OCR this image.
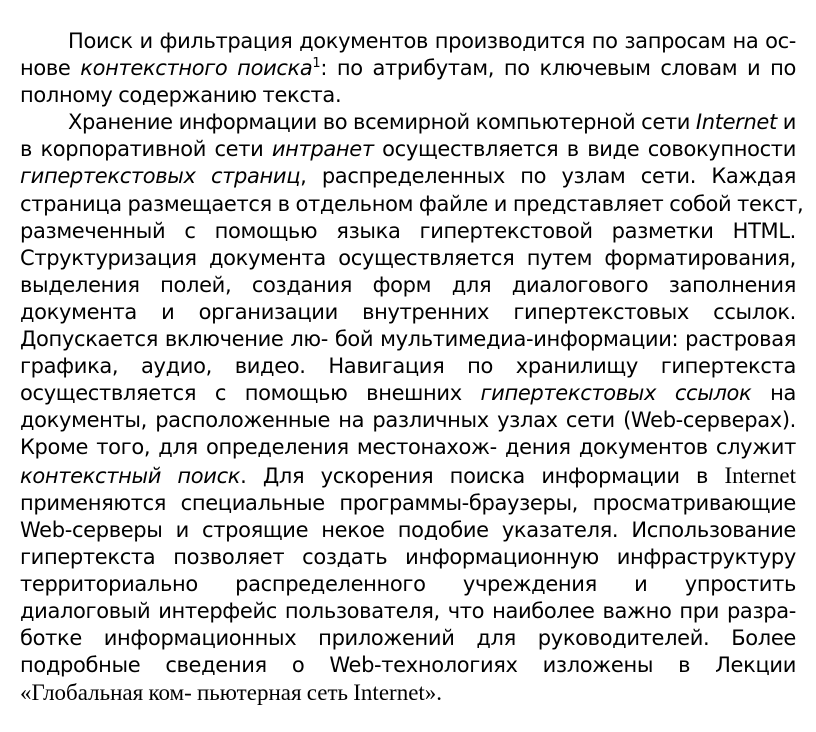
Поиск и фильтрация документов производится по запросам на ос-
нове контекстного поиска$^1$: по атрибутам, по ключевым словам и по
полному содержанию текста.

Хранение информации во всемирной компьютерной сети Internet и
в корпоративной сети интранет осуществляется в виде совокупности
гипертекстовых страниц, распределенных по узлам сети. Каждая
страница размещается в отдельном файле и представляет собой текст,
размеченный с помощью языка гипертекстовой разметки HTML.
Структуризация документа осуществляется путем форматирования,
выделения полей, создания форм для диалогового заполнения
документа и организации внутренних гипертекстовых ссылок.
Допускается включение лю- бой мультимедиа-информации: растровая
графика, аудио, видео. Навигация по хранилищу гипертекста
осуществляется с помощью внешних гипертекстовых ссылок на
документы, расположенные на различных узлах сети (Web-серверах).
Кроме того, для определения местонахож- дения документов служит
контекстный поиск. Для ускорения поиска информации в Internet
применяются специальные программы-браузеры, просматривающие
Web-серверы и строящие некое подобие указателя. Использование
гипертекста позволяет создать информационную инфраструктуру
территориально распределенного учреждения и упростить
диалоговый интерфейс пользователя, что наиболее важно при разра-
ботке информационных приложений для руководителей. Более
подробные сведения о Web-технологиях изложены в Лекции
«Глобальная ком- пьютерная сеть Internet».
